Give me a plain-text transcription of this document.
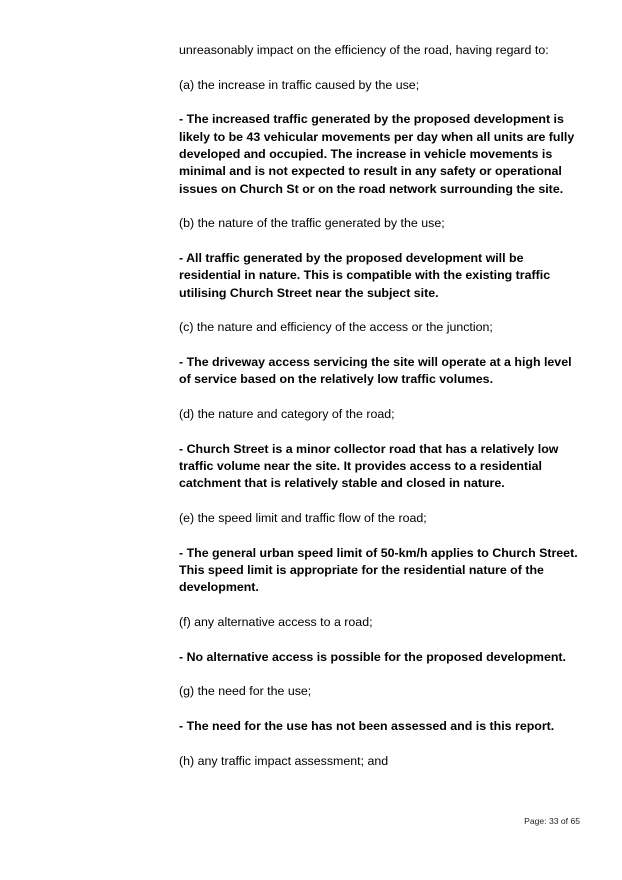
unreasonably impact on the efficiency of the road, having regard to:

(a) the increase in traffic caused by the use;

- The increased traffic generated by the proposed development is likely to be 43 vehicular movements per day when all units are fully developed and occupied. The increase in vehicle movements is minimal and is not expected to result in any safety or operational issues on Church St or on the road network surrounding the site.

(b) the nature of the traffic generated by the use;

- All traffic generated by the proposed development will be residential in nature. This is compatible with the existing traffic utilising Church Street near the subject site.

(c) the nature and efficiency of the access or the junction;

- The driveway access servicing the site will operate at a high level of service based on the relatively low traffic volumes.

(d) the nature and category of the road;

- Church Street is a minor collector road that has a relatively low traffic volume near the site. It provides access to a residential catchment that is relatively stable and closed in nature.

(e) the speed limit and traffic flow of the road;

- The general urban speed limit of 50-km/h applies to Church Street. This speed limit is appropriate for the residential nature of the development.

(f) any alternative access to a road;

- No alternative access is possible for the proposed development.

(g) the need for the use;

- The need for the use has not been assessed and is this report.

(h) any traffic impact assessment; and

Page: 33 of 65
